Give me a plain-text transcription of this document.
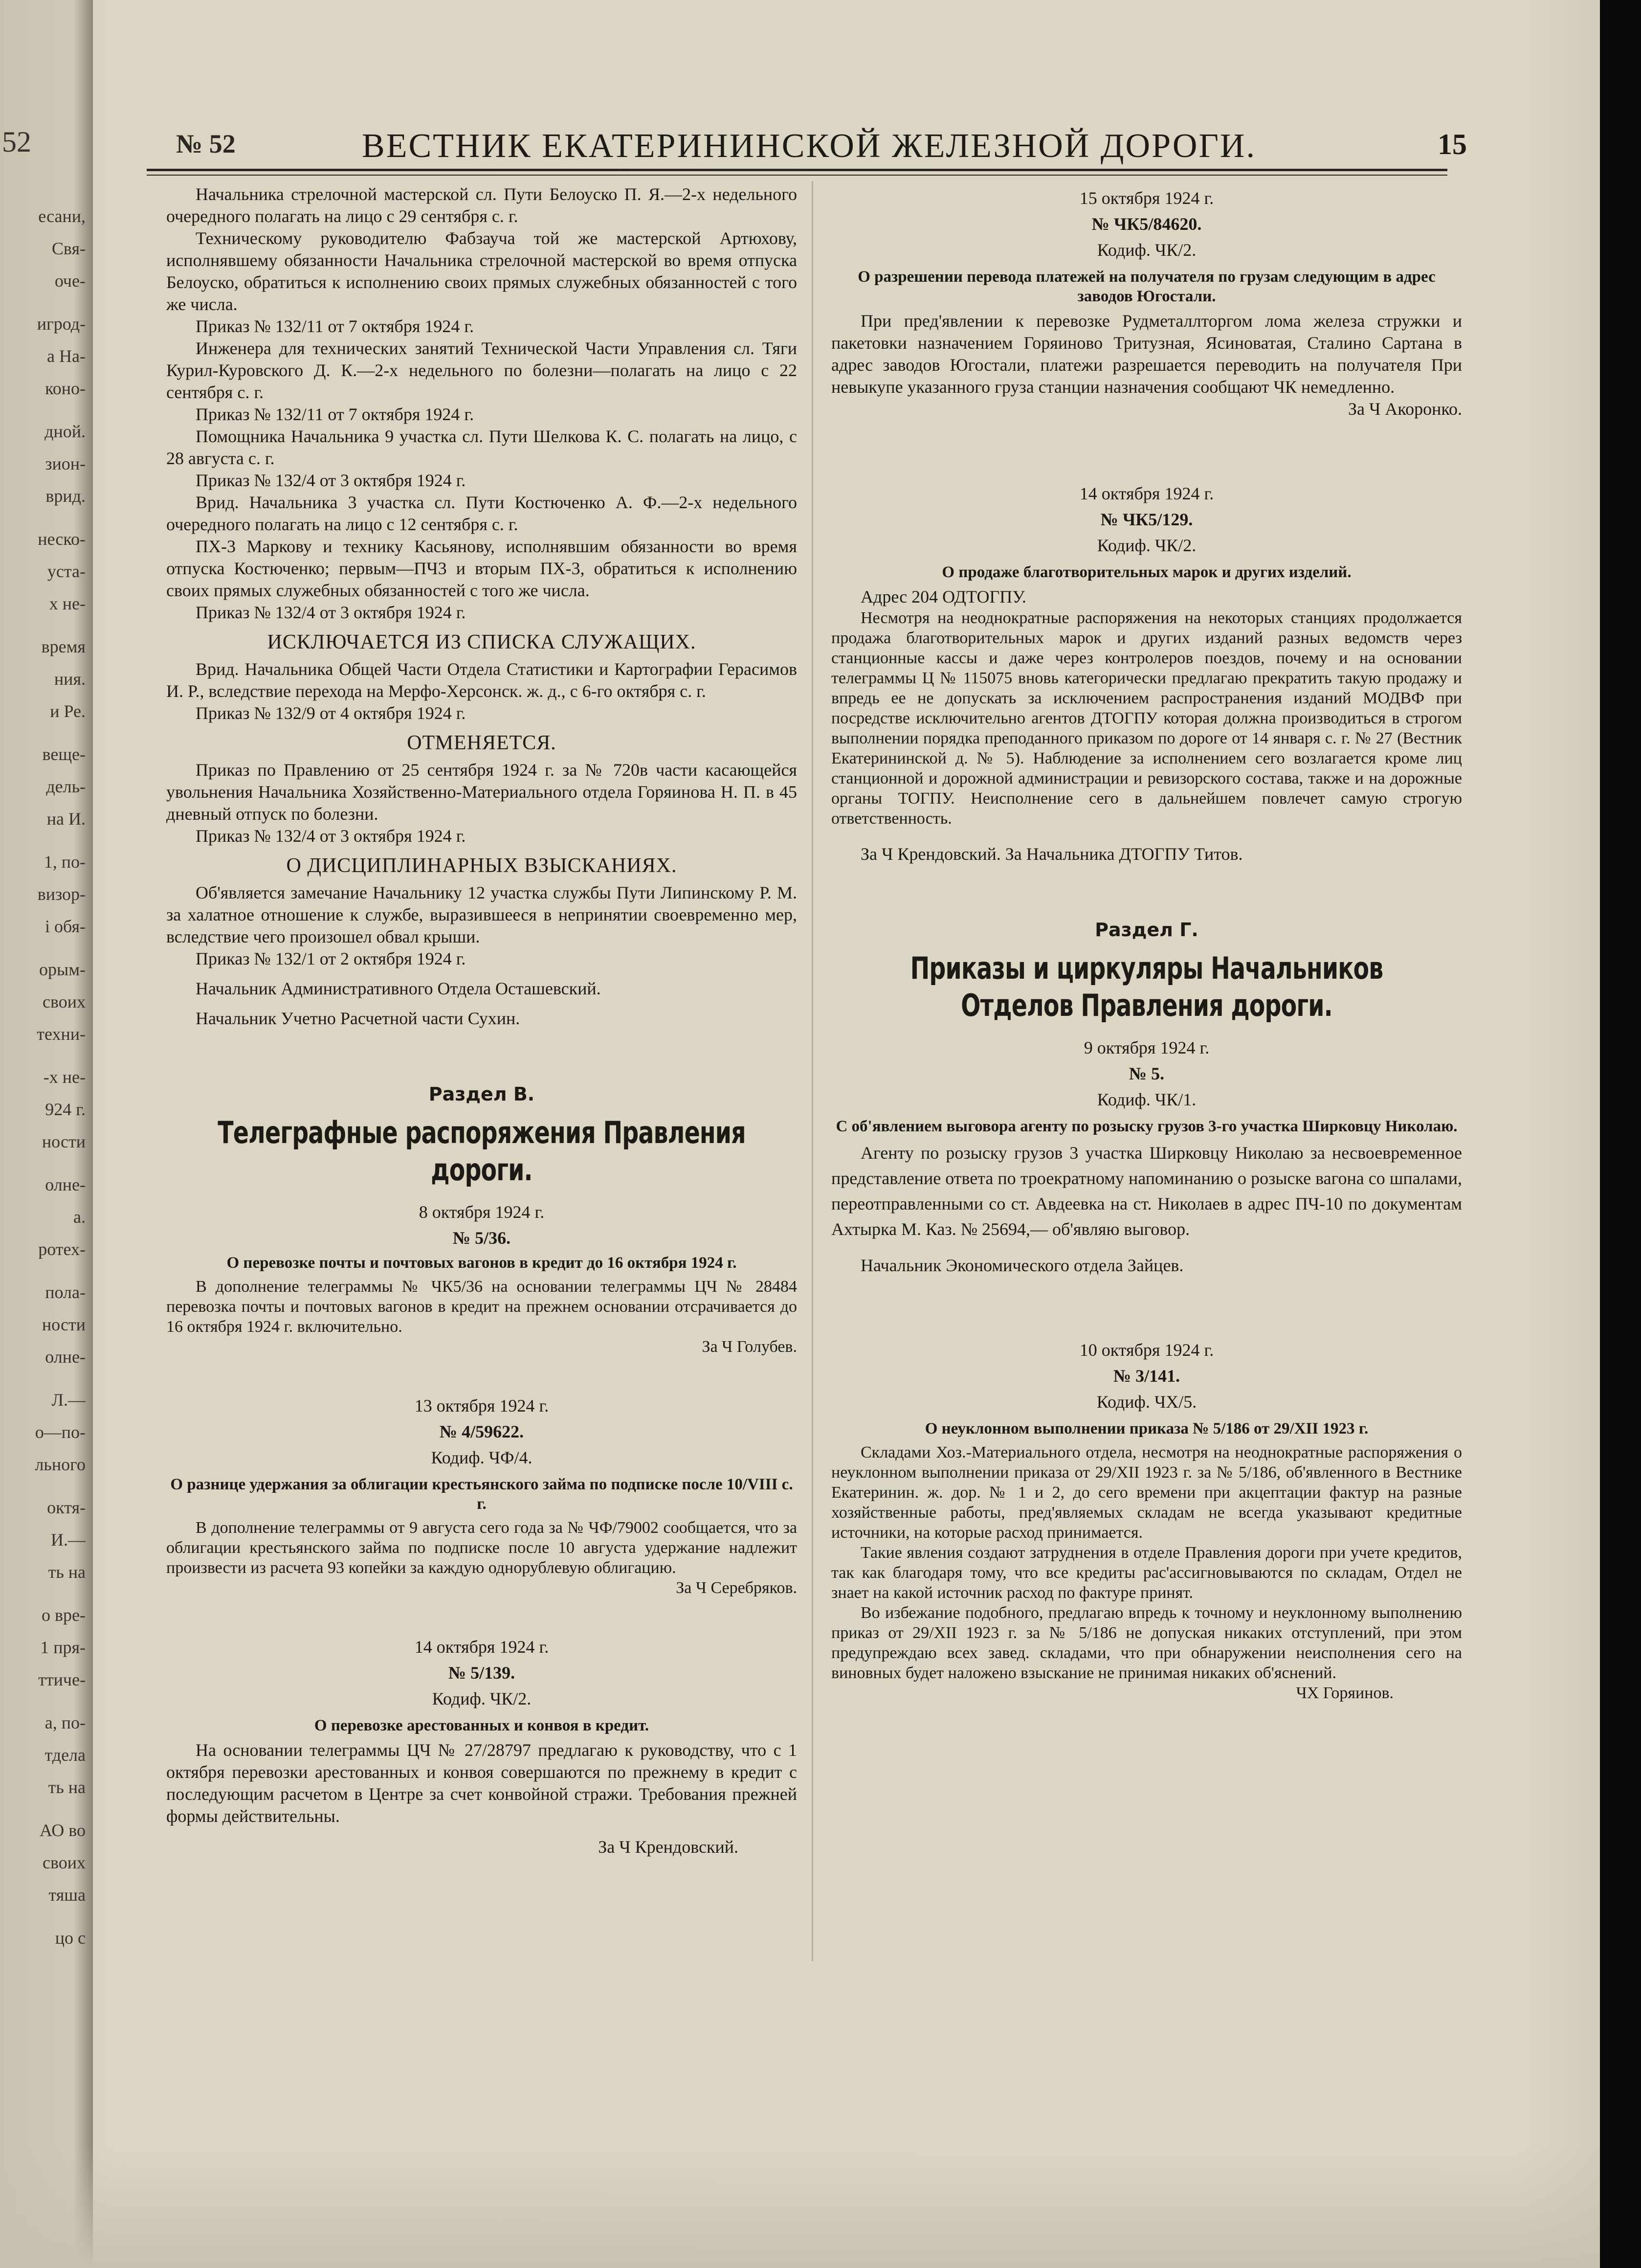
52
есани,
Свя-
оче-
игрод-
а На-
коно-
дной.
зион-
врид.
неско-
уста-
х не-
время
ния.
и Ре.
веще-
дель-
на И.
1, по-
визор-
і обя-
орым-
своих
техни-
-х не-
924 г.
ности
олне-
а.
ротех-
пола-
ности
олне-
Л.—
о—по-
льного
октя-
И.—
ть на
о вре-
1 пря-
ттиче-
а, по-
тдела
ть на
АО во
своих
тяша
цо с
№ 52	ВЕСТНИК ЕКАТЕРИНИНСКОЙ ЖЕЛЕЗНОЙ ДОРОГИ.	15

Начальника стрелочной мастерской сл. Пути Белоуско П. Я.—2-х недельного очередного полагать на лицо с 29 сентября с. г.

Техническому руководителю Фабзауча той же мастерской Артюхову, исполнявшему обязанности Начальника стрелочной мастерской во время отпуска Белоуско, обратиться к исполнению своих прямых служебных обязанностей с того же числа.

Приказ № 132/11 от 7 октября 1924 г.

Инженера для технических занятий Технической Части Управления сл. Тяги Курил-Куровского Д. К.—2-х недельного по болезни—полагать на лицо с 22 сентября с. г.

Приказ № 132/11 от 7 октября 1924 г.

Помощника Начальника 9 участка сл. Пути Шелкова К. С. полагать на лицо, с 28 августа с. г.

Приказ № 132/4 от 3 октября 1924 г.

Врид. Начальника 3 участка сл. Пути Костюченко А. Ф.—2-х недельного очередного полагать на лицо с 12 сентября с. г.

ПХ-3 Маркову и технику Касьянову, исполнявшим обязанности во время отпуска Костюченко; первым—ПЧ3 и вторым ПХ-3, обратиться к исполнению своих прямых служебных обязанностей с того же числа.

Приказ № 132/4 от 3 октября 1924 г.

ИСКЛЮЧАЕТСЯ ИЗ СПИСКА СЛУЖАЩИХ.

Врид. Начальника Общей Части Отдела Статистики и Картографии Герасимов И. Р., вследствие перехода на Мерфо-Херсонск. ж. д., с 6-го октября с. г.

Приказ № 132/9 от 4 октября 1924 г.

ОТМЕНЯЕТСЯ.

Приказ по Правлению от 25 сентября 1924 г. за № 720в части касающейся увольнения Начальника Хозяйственно-Материального отдела Горяинова Н. П. в 45 дневный отпуск по болезни.

Приказ № 132/4 от 3 октября 1924 г.

О ДИСЦИПЛИНАРНЫХ ВЗЫСКАНИЯХ.

Об'является замечание Начальнику 12 участка службы Пути Липинскому Р. М. за халатное отношение к службе, выразившееся в непринятии своевременно мер, вследствие чего произошел обвал крыши.

Приказ № 132/1 от 2 октября 1924 г.

Начальник Административного Отдела Осташевский.

Начальник Учетно Расчетной части Сухин.

Раздел В.
Телеграфные распоряжения Правления дороги.
8 октября 1924 г.
№ 5/36.
О перевозке почты и почтовых вагонов в кредит до 16 октября 1924 г.

В дополнение телеграммы № ЧК5/36 на основании телеграммы ЦЧ № 28484 перевозка почты и почтовых вагонов в кредит на прежнем основании отсрачивается до 16 октября 1924 г. включительно.

За Ч Голубев.

13 октября 1924 г.
№ 4/59622.
Кодиф. ЧФ/4.
О разнице удержания за облигации крестьянского займа по подписке после 10/VIII с. г.

В дополнение телеграммы от 9 августа сего года за № ЧФ/79002 сообщается, что за облигации крестьянского займа по подписке после 10 августа удержание надлежит произвести из расчета 93 копейки за каждую однорублевую облигацию.

За Ч Серебряков.

14 октября 1924 г.
№ 5/139.
Кодиф. ЧК/2.
О перевозке арестованных и конвоя в кредит.

На основании телеграммы ЦЧ № 27/28797 предлагаю к руководству, что с 1 октября перевозки арестованных и конвоя совершаются по прежнему в кредит с последующим расчетом в Центре за счет конвойной стражи. Требования прежней формы действительны.

За Ч Крендовский.

15 октября 1924 г.
№ ЧК5/84620.
Кодиф. ЧК/2.
О разрешении перевода платежей на получателя по грузам следующим в адрес заводов Югостали.

При пред'явлении к перевозке Рудметаллторгом лома железа стружки и пакетовки назначением Горяиново Тритузная, Ясиноватая, Сталино Сартана в адрес заводов Югостали, платежи разрешается переводить на получателя При невыкупе указанного груза станции назначения сообщают ЧК немедленно.

За Ч Акоронко.

14 октября 1924 г.
№ ЧК5/129.
Кодиф. ЧК/2.
О продаже благотворительных марок и других изделий.

Адрес 204 ОДТОГПУ.

Несмотря на неоднократные распоряжения на некоторых станциях продолжается продажа благотворительных марок и других изданий разных ведомств через станционные кассы и даже через контролеров поездов, почему и на основании телеграммы Ц № 115075 вновь категорически предлагаю прекратить такую продажу и впредь ее не допускать за исключением распространения изданий МОДВФ при посредстве исключительно агентов ДТОГПУ которая должна производиться в строгом выполнении порядка преподанного приказом по дороге от 14 января с. г. № 27 (Вестник Екатерининской д. № 5). Наблюдение за исполнением сего возлагается кроме лиц станционной и дорожной администрации и ревизорского состава, также и на дорожные органы ТОГПУ. Неисполнение сего в дальнейшем повлечет самую строгую ответственность.

За Ч Крендовский. За Начальника ДТОГПУ Титов.

Раздел Г.
Приказы и циркуляры Начальников Отделов Правления дороги.
9 октября 1924 г.
№ 5.
Кодиф. ЧК/1.
С об'явлением выговора агенту по розыску грузов 3-го участка Ширковцу Николаю.

Агенту по розыску грузов 3 участка Ширковцу Николаю за несвоевременное представление ответа по троекратному напоминанию о розыске вагона со шпалами, переотправленными со ст. Авдеевка на ст. Николаев в адрес ПЧ-10 по документам Ахтырка М. Каз. № 25694,— об'являю выговор.

Начальник Экономического отдела Зайцев.

10 октября 1924 г.
№ 3/141.
Кодиф. ЧХ/5.
О неуклонном выполнении приказа № 5/186 от 29/XII 1923 г.

Складами Хоз.-Материального отдела, несмотря на неоднократные распоряжения о неуклонном выполнении приказа от 29/XII 1923 г. за № 5/186, об'явленного в Вестнике Екатеринин. ж. дор. № 1 и 2, до сего времени при акцептации фактур на разные хозяйственные работы, пред'являемых складам не всегда указывают кредитные источники, на которые расход принимается.

Такие явления создают затруднения в отделе Правления дороги при учете кредитов, так как благодаря тому, что все кредиты рас'ассигновываются по складам, Отдел не знает на какой источник расход по фактуре принят.

Во избежание подобного, предлагаю впредь к точному и неуклонному выполнению приказ от 29/XII 1923 г. за № 5/186 не допуская никаких отступлений, при этом предупреждаю всех завед. складами, что при обнаружении неисполнения сего на виновных будет наложено взыскание не принимая никаких об'яснений.

ЧХ Горяинов.
